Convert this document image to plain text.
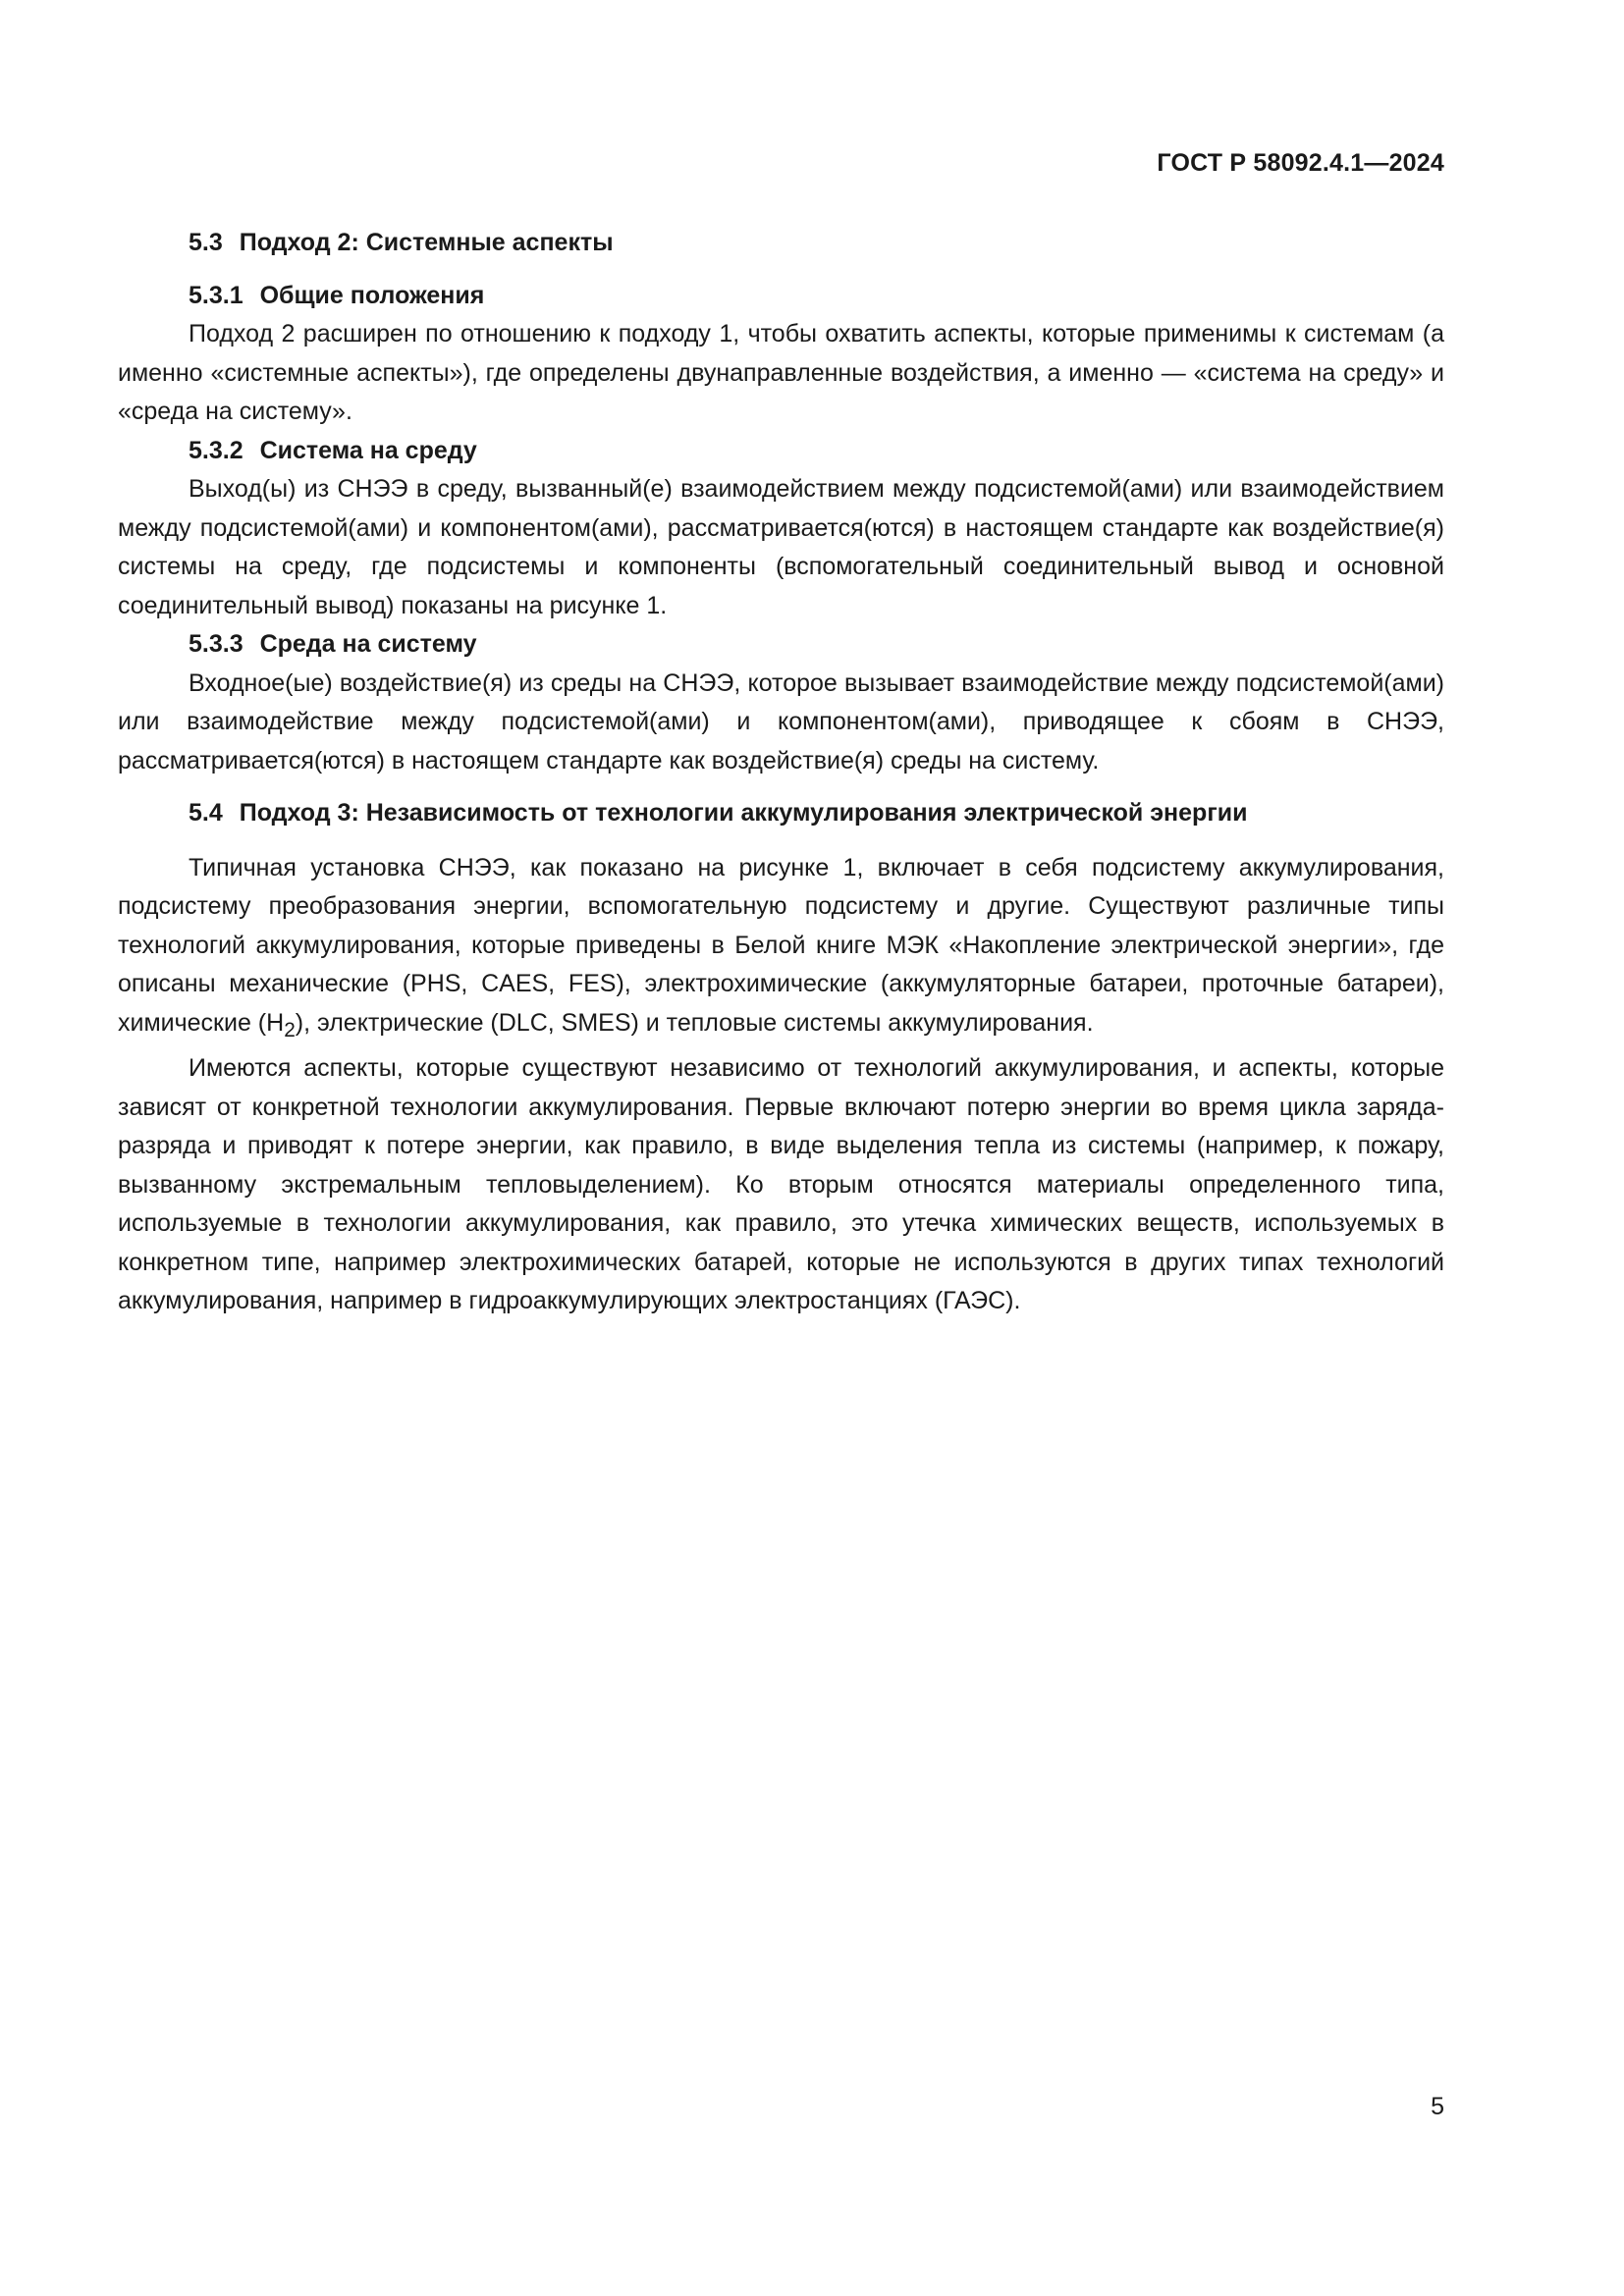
ГОСТ Р 58092.4.1—2024
5.3 Подход 2: Системные аспекты
5.3.1 Общие положения

Подход 2 расширен по отношению к подходу 1, чтобы охватить аспекты, которые применимы к системам (а именно «системные аспекты»), где определены двунаправленные воздействия, а именно — «система на среду» и «среда на систему».

5.3.2 Система на среду

Выход(ы) из СНЭЭ в среду, вызванный(е) взаимодействием между подсистемой(ами) или взаимодействием между подсистемой(ами) и компонентом(ами), рассматривается(ются) в настоящем стандарте как воздействие(я) системы на среду, где подсистемы и компоненты (вспомогательный соединительный вывод и основной соединительный вывод) показаны на рисунке 1.

5.3.3 Среда на систему

Входное(ые) воздействие(я) из среды на СНЭЭ, которое вызывает взаимодействие между подсистемой(ами) или взаимодействие между подсистемой(ами) и компонентом(ами), приводящее к сбоям в СНЭЭ, рассматривается(ются) в настоящем стандарте как воздействие(я) среды на систему.

5.4 Подход 3: Независимость от технологии аккумулирования электрической энергии

Типичная установка СНЭЭ, как показано на рисунке 1, включает в себя подсистему аккумулирования, подсистему преобразования энергии, вспомогательную подсистему и другие. Существуют различные типы технологий аккумулирования, которые приведены в Белой книге МЭК «Накопление электрической энергии», где описаны механические (PHS, CAES, FES), электрохимические (аккумуляторные батареи, проточные батареи), химические $(H_2)$, электрические (DLC, SMES) и тепловые системы аккумулирования.

Имеются аспекты, которые существуют независимо от технологий аккумулирования, и аспекты, которые зависят от конкретной технологии аккумулирования. Первые включают потерю энергии во время цикла заряда-разряда и приводят к потере энергии, как правило, в виде выделения тепла из системы (например, к пожару, вызванному экстремальным тепловыделением). Ко вторым относятся материалы определенного типа, используемые в технологии аккумулирования, как правило, это утечка химических веществ, используемых в конкретном типе, например электрохимических батарей, которые не используются в других типах технологий аккумулирования, например в гидроаккумулирующих электростанциях (ГАЭС).

5
